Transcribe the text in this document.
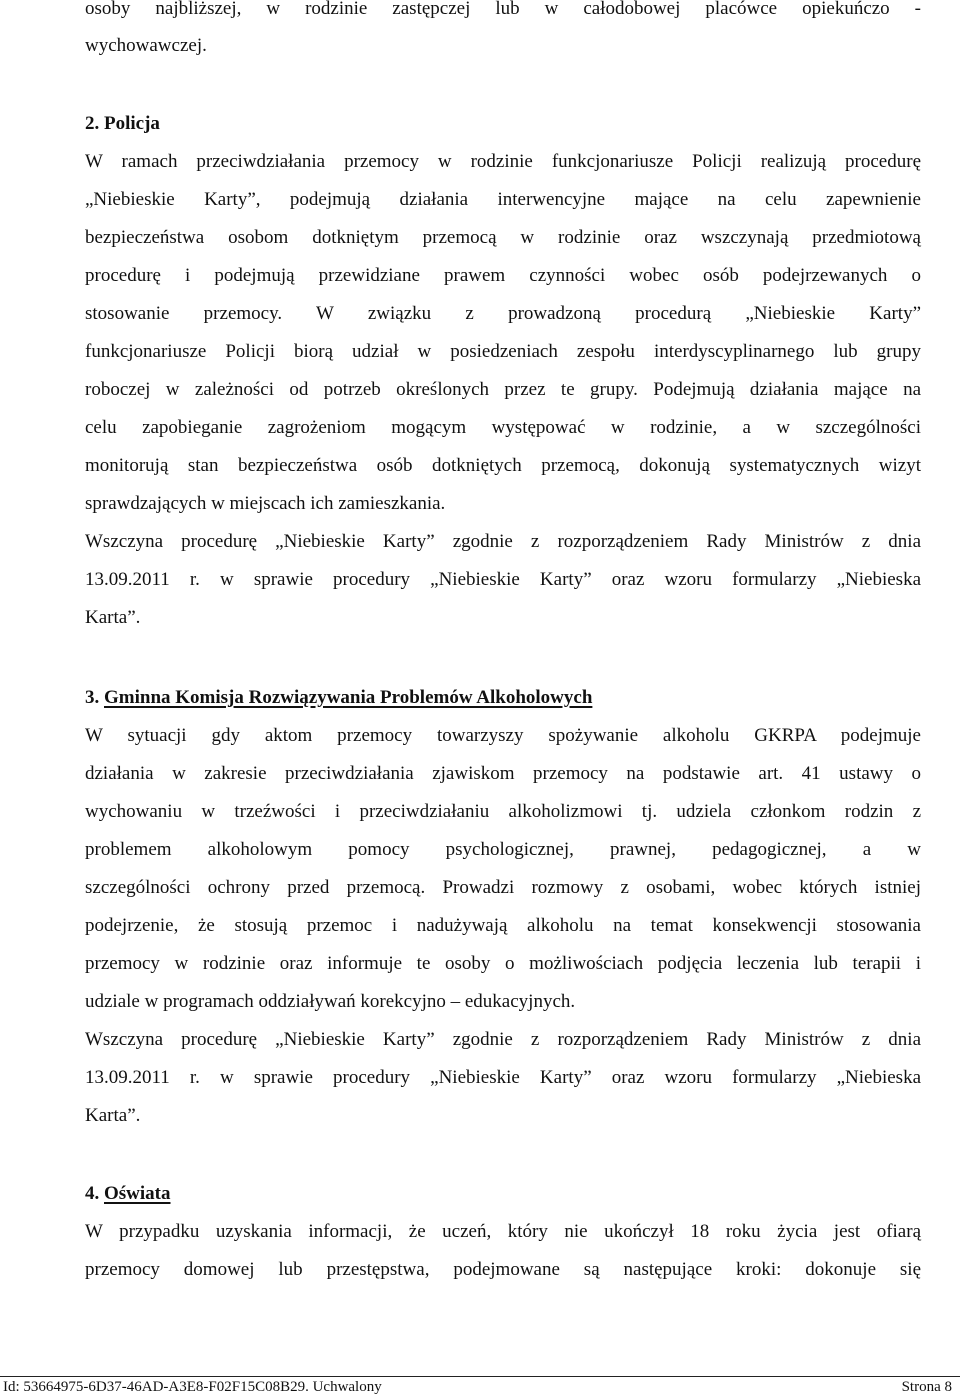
osoby najbliższej, w rodzinie zastępczej lub w całodobowej placówce opiekuńczo -
wychowawczej.
2. Policja
W ramach przeciwdziałania przemocy w rodzinie funkcjonariusze Policji realizują procedurę
„Niebieskie Karty”, podejmują działania interwencyjne mające na celu zapewnienie
bezpieczeństwa osobom dotkniętym przemocą w rodzinie oraz wszczynają przedmiotową
procedurę i podejmują przewidziane prawem czynności wobec osób podejrzewanych o
stosowanie przemocy. W związku z prowadzoną procedurą „Niebieskie Karty”
funkcjonariusze Policji biorą udział w posiedzeniach zespołu interdyscyplinarnego lub grupy
roboczej w zależności od potrzeb określonych przez te grupy. Podejmują działania mające na
celu zapobieganie zagrożeniom mogącym występować w rodzinie, a w szczególności
monitorują stan bezpieczeństwa osób dotkniętych przemocą, dokonują systematycznych wizyt
sprawdzających w miejscach ich zamieszkania.
Wszczyna procedurę „Niebieskie Karty” zgodnie z rozporządzeniem Rady Ministrów z dnia
13.09.2011 r. w sprawie procedury „Niebieskie Karty” oraz wzoru formularzy „Niebieska
Karta”.
3. Gminna Komisja Rozwiązywania Problemów Alkoholowych
W sytuacji gdy aktom przemocy towarzyszy spożywanie alkoholu GKRPA podejmuje
działania w zakresie przeciwdziałania zjawiskom przemocy na podstawie art. 41 ustawy o
wychowaniu w trzeźwości i przeciwdziałaniu alkoholizmowi tj. udziela członkom rodzin z
problemem alkoholowym pomocy psychologicznej, prawnej, pedagogicznej, a w
szczególności ochrony przed przemocą. Prowadzi rozmowy z osobami, wobec których istniej
podejrzenie, że stosują przemoc i nadużywają alkoholu na temat konsekwencji stosowania
przemocy w rodzinie oraz informuje te osoby o możliwościach podjęcia leczenia lub terapii i
udziale w programach oddziaływań korekcyjno – edukacyjnych.
Wszczyna procedurę „Niebieskie Karty” zgodnie z rozporządzeniem Rady Ministrów z dnia
13.09.2011 r. w sprawie procedury „Niebieskie Karty” oraz wzoru formularzy „Niebieska
Karta”.
4. Oświata
W przypadku uzyskania informacji, że uczeń, który nie ukończył 18 roku życia jest ofiarą
przemocy domowej lub przestępstwa, podejmowane są następujące kroki: dokonuje się
Id: 53664975-6D37-46AD-A3E8-F02F15C08B29. Uchwalony	Strona 8
